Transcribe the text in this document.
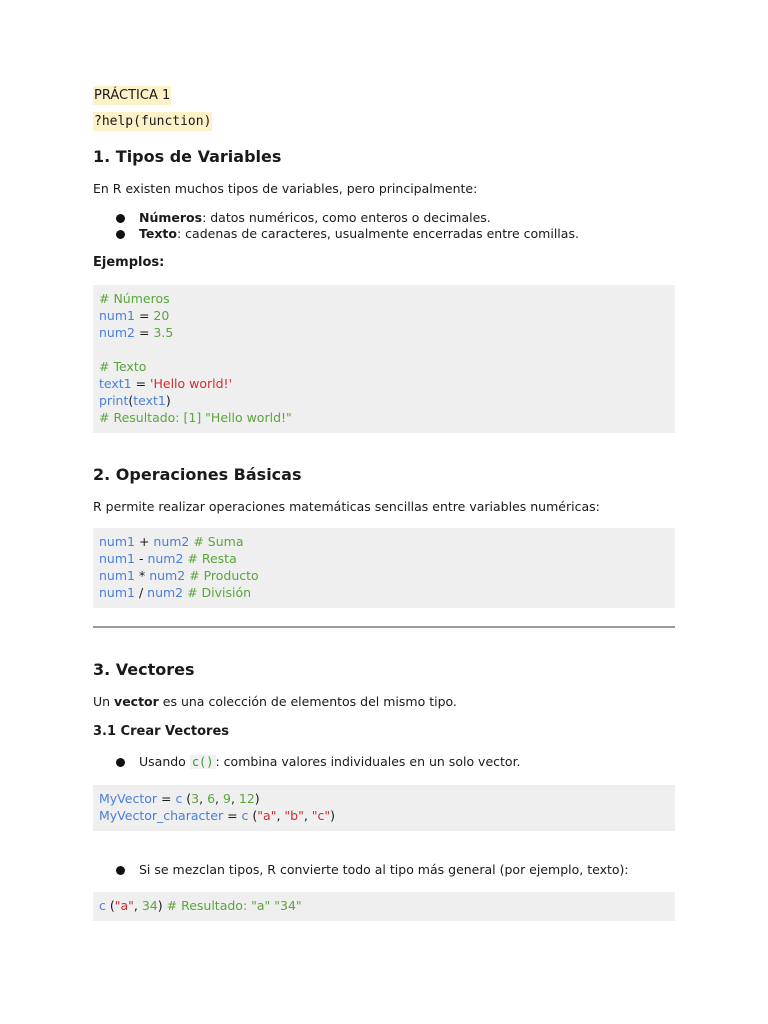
PRÁCTICA 1
?help(function)
1. Tipos de Variables

En R existen muchos tipos de variables, pero principalmente:

Números: datos numéricos, como enteros o decimales.
Texto: cadenas de caracteres, usualmente encerradas entre comillas.
Ejemplos:
# Números
num1 = 20
num2 = 3.5
# Texto
text1 = 'Hello world!'
print(text1)
# Resultado: [1] "Hello world!"
2. Operaciones Básicas

R permite realizar operaciones matemáticas sencillas entre variables numéricas:

num1 + num2 # Suma
num1 - num2 # Resta
num1 * num2 # Producto
num1 / num2 # División
3. Vectores

Un vector es una colección de elementos del mismo tipo.

3.1 Crear Vectores
Usando c() : combina valores individuales en un solo vector.
MyVector = c (3, 6, 9, 12)
MyVector_character = c ("a", "b", "c")
Si se mezclan tipos, R convierte todo al tipo más general (por ejemplo, texto):
c ("a", 34) # Resultado: "a" "34"
